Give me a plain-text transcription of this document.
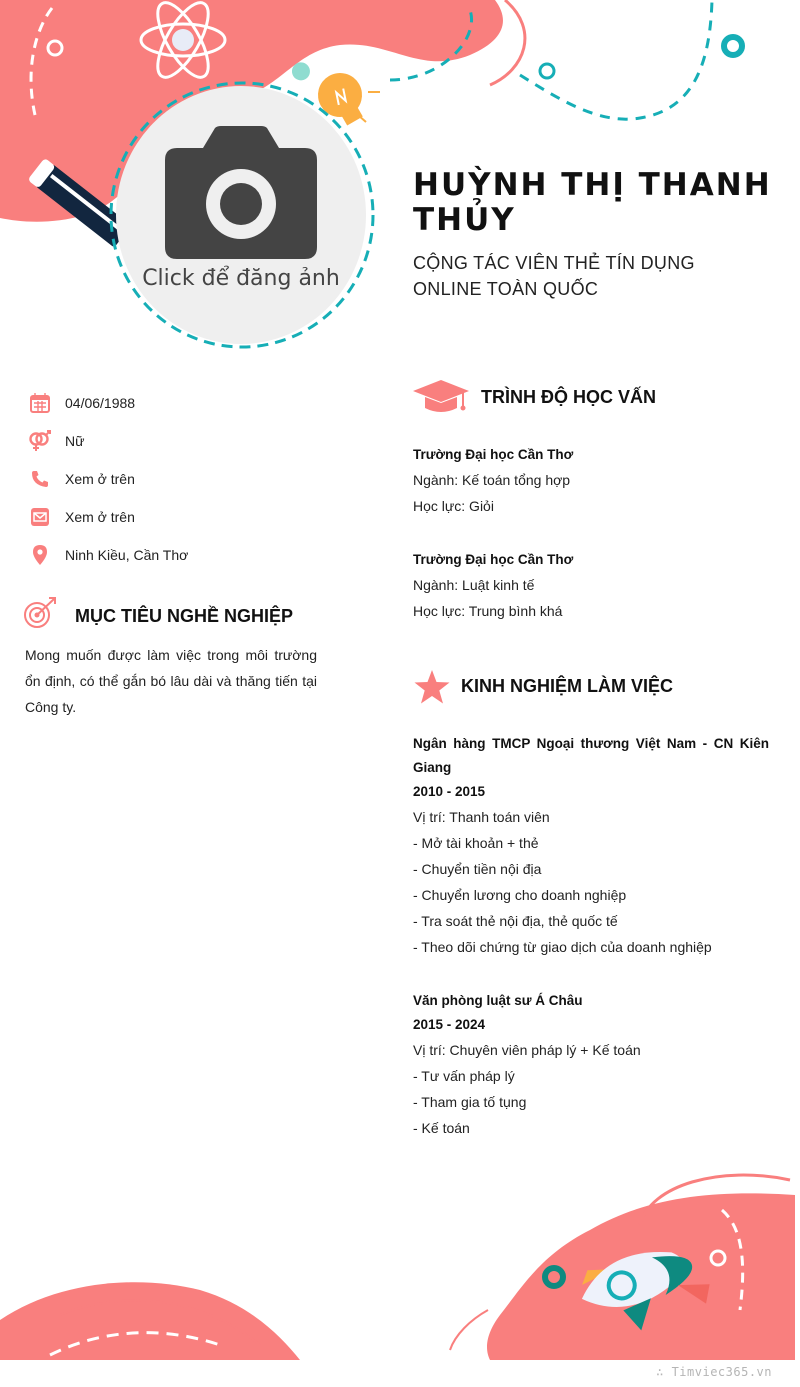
Click để đăng ảnh
HUỲNH THỊ THANH THỦY
CỘNG TÁC VIÊN THẺ TÍN DỤNG ONLINE TOÀN QUỐC
04/06/1988
Nữ
Xem ở trên
Xem ở trên
Ninh Kiều, Cần Thơ
MỤC TIÊU NGHỀ NGHIỆP
Mong muốn được làm việc trong môi trường ổn định, có thể gắn bó lâu dài và thăng tiến tại Công ty.
TRÌNH ĐỘ HỌC VẤN
Trường Đại học Cần Thơ
Ngành: Kế toán tổng hợp
Học lực: Giỏi
Trường Đại học Cần Thơ
Ngành: Luật kinh tế
Học lực: Trung bình khá
KINH NGHIỆM LÀM VIỆC
Ngân hàng TMCP Ngoại thương Việt Nam - CN Kiên Giang
2010 - 2015
Vị trí: Thanh toán viên
- Mở tài khoản + thẻ
- Chuyển tiền nội địa
- Chuyển lương cho doanh nghiệp
- Tra soát thẻ nội địa, thẻ quốc tế
- Theo dõi chứng từ giao dịch của doanh nghiệp
Văn phòng luật sư Á Châu
2015 - 2024
Vị trí: Chuyên viên pháp lý + Kế toán
- Tư vấn pháp lý
- Tham gia tố tụng
- Kế toán
∴ Timviec365.vn
